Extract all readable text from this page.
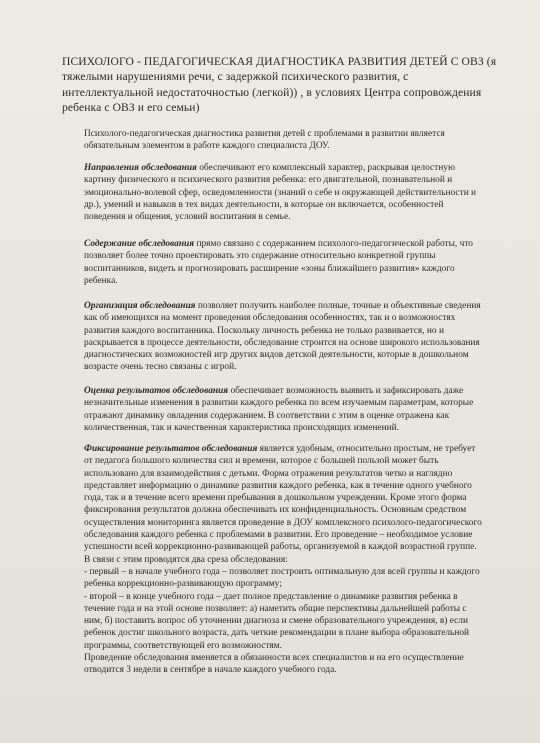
ПСИХОЛОГО - ПЕДАГОГИЧЕСКАЯ ДИАГНОСТИКА РАЗВИТИЯ ДЕТЕЙ С ОВЗ (я тяжелыми нарушениями речи, с задержкой психического развития, с интеллектуальной недостаточностью (легкой)) , в условиях Центра сопровождения ребенка с ОВЗ и его семьи)

Психолого-педагогическая диагностика развития детей с проблемами в развитии является обязательным элементом в работе каждого специалиста ДОУ.

Направления обследования обеспечивают его комплексный характер, раскрывая целостную картину физического и психического развития ребенка: его двигательной, познавательной и эмоционально-волевой сфер, осведомленности (знаний о себе и окружающей действительности и др.), умений и навыков в тех видах деятельности, в которые он включается, особенностей поведения и общения, условий воспитания в семье.

Содержание обследования прямо связано с содержанием психолого-педагогической работы, что позволяет более точно проектировать это содержание относительно конкретной группы воспитанников, видеть и прогнозировать расширение «зоны ближайшего развития» каждого ребенка.

Организация обследования позволяет получить наиболее полные, точные и объективные сведения как об имеющихся на момент проведения обследования особенностях, так и о возможностях развития каждого воспитанника. Поскольку личность ребенка не только развивается, но и раскрывается в процессе деятельности, обследование строится на основе широкого использования диагностических возможностей игр других видов детской деятельности, которые в дошкольном возрасте очень тесно связаны с игрой.

Оценка результатов обследования обеспечивает возможность выявить и зафиксировать даже незначительные изменения в развитии каждого ребенка по всем изучаемым параметрам, которые отражают динамику овладения содержанием. В соответствии с этим в оценке отражена как количественная, так и качественная характеристика происходящих изменений.

Фиксирование результатов обследования является удобным, относительно простым, не требует от педагога большого количества сил и времени, которое с большей пользой может быть использовано для взаимодействия с детьми. Форма отражения результатов четко и наглядно представляет информацию о динамике развития каждого ребенка, как в течение одного учебного года, так и в течение всего времени пребывания в дошкольном учреждении. Кроме этого форма фиксирования результатов должна обеспечивать их конфиденциальность. Основным средством осуществления мониторинга является проведение в ДОУ комплексного психолого-педагогического обследования каждого ребенка с проблемами в развитии. Его проведение – необходимое условие успешности всей коррекционно-развивающей работы, организуемой в каждой возрастной группе. В связи с этим проводятся два среза обследования:

- первый – в начале учебного года – позволяет построить оптимальную для всей группы и каждого ребенка коррекционно-развивающую программу;

- второй – в конце учебного года – дает полное представление о динамике развития ребенка в течение года и на этой основе позволяет: а) наметить общие перспективы дальнейшей работы с ним, б) поставить вопрос об уточнении диагноза и смене образовательного учреждения, в) если ребенок достиг школьного возраста, дать четкие рекомендации в плане выбора образовательной программы, соответствующей его возможностям.

Проведение обследования вменяется в обязанности всех специалистов и на его осуществление отводится 3 недели в сентябре в начале каждого учебного года.
